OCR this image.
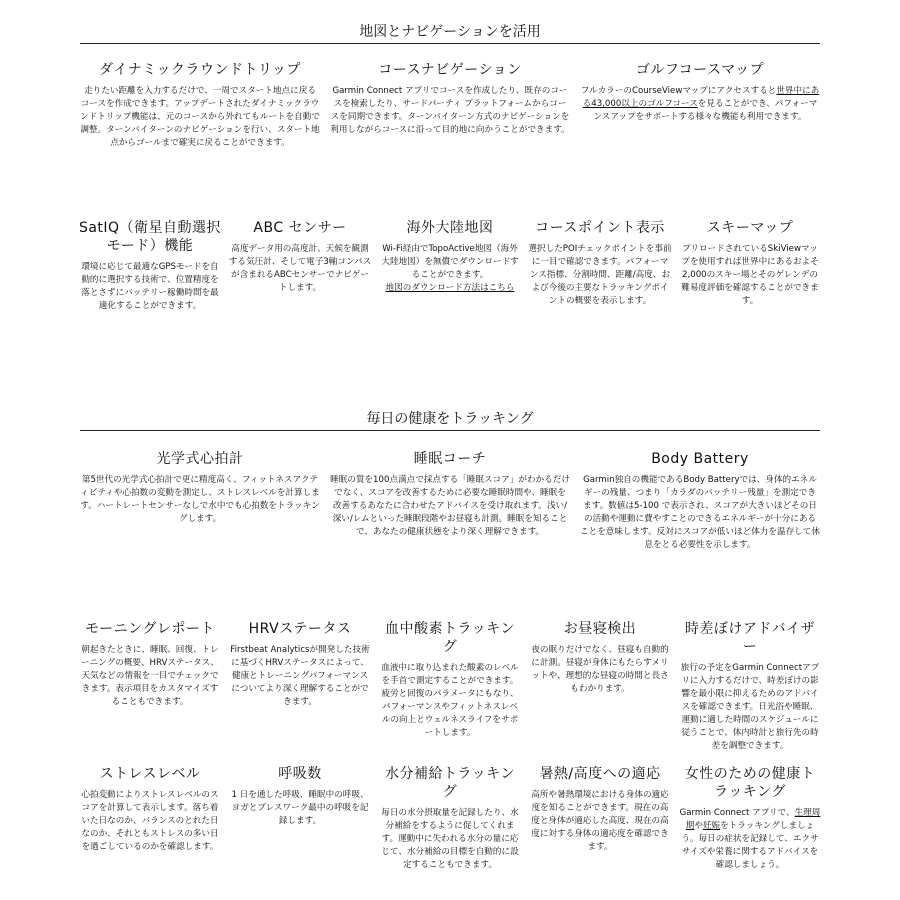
地図とナビゲーションを活用
ダイナミックラウンドトリップ

走りたい距離を入力するだけで、一周でスタート地点に戻るコースを作成できます。アップデートされたダイナミックラウンドトリップ機能は、元のコースから外れてもルートを自動で調整。ターンバイターンのナビゲーションを行い、スタート地点からゴールまで確実に戻ることができます。

コースナビゲーション

Garmin Connect アプリでコースを作成したり、既存のコースを検索したり、サードパーティ プラットフォームからコースを同期できます。ターンバイターン方式のナビゲーションを利用しながらコースに沿って目的地に向かうことができます。

ゴルフコースマップ

フルカラーのCourseViewマップにアクセスすると世界中にある43,000以上のゴルフコースを見ることができ、パフォーマンスアップをサポートする様々な機能も利用できます。

SatIQ（衛星自動選択モード）機能

環境に応じて最適なGPSモードを自動的に選択する技術で、位置精度を落とさずにバッテリー稼働時間を最適化することができます。

ABC センサー

高度データ用の高度計、天候を観測する気圧計、そして電子3軸コンパスが含まれるABCセンサーでナビゲートします。

海外大陸地図

Wi-Fi経由でTopoActive地図（海外大陸地図）を無償でダウンロードすることができます。
地図のダウンロード方法はこちら

コースポイント表示

選択したPOIチェックポイントを事前に一目で確認できます。パフォーマンス指標、分割時間、距離/高度、および今後の主要なトラッキングポイントの概要を表示します。

スキーマップ

プリロードされているSkiViewマップを使用すれば世界中にあるおよそ2,000のスキー場とそのゲレンデの難易度評価を確認することができます。

毎日の健康をトラッキング
光学式心拍計

第5世代の光学式心拍計で更に精度高く、フィットネスアクティビティや心拍数の変動を測定し、ストレスレベルを計算します。ハートレートセンサーなしで水中でも心拍数をトラッキングします。

睡眠コーチ

睡眠の質を100点満点で採点する「睡眠スコア」がわかるだけでなく、スコアを改善するために必要な睡眠時間や、睡眠を改善するあなたに合わせたアドバイスを受け取れます。浅い/深い/レムといった睡眠段階やお昼寝も計測。睡眠を知ることで、あなたの健康状態をより深く理解できます。

Body Battery

Garmin独自の機能であるBody Batteryでは、身体的エネルギーの残量、つまり「カラダのバッテリー残量」を測定できます。数値は5-100 で表示され、スコアが大きいほどその日の活動や運動に費やすことのできるエネルギーが十分にあることを意味します。反対にスコアが低いほど体力を温存して休息をとる必要性を示します。

モーニングレポート

朝起きたときに、睡眠、回復、トレーニングの概要、HRVステータス、天気などの情報を一目でチェックできます。表示項目をカスタマイズすることもできます。

HRVステータス

Firstbeat Analyticsが開発した技術に基づくHRVステータスによって、健康とトレーニングパフォーマンスについてより深く理解することができます。

血中酸素トラッキング

血液中に取り込まれた酸素のレベルを手首で測定することができます。疲労と回復のパラメータにもなり、パフォーマンスやフィットネスレベルの向上とウェルネスライフをサポートします。

お昼寝検出

夜の眠りだけでなく、昼寝も自動的に計測。昼寝が身体にもたらすメリットや、理想的な昼寝の時間と長さもわかります。

時差ぼけアドバイザー

旅行の予定をGarmin Connectアプリに入力するだけで、時差ぼけの影響を最小限に抑えるためのアドバイスを確認できます。日光浴や睡眠、運動に適した時間のスケジュールに従うことで、体内時計と旅行先の時差を調整できます。

ストレスレベル

心拍変動によりストレスレベルのスコアを計算して表示します。落ち着いた日なのか、バランスのとれた日なのか、それともストレスの多い日を過ごしているのかを確認します。

呼吸数

1 日を通した呼吸、睡眠中の呼吸、ヨガとブレスワーク最中の呼吸を記録します。

水分補給トラッキング

毎日の水分摂取量を記録したり、水分補給をするように促してくれます。運動中に失われる水分の量に応じて、水分補給の目標を自動的に設定することもできます。

暑熱/高度への適応

高所や暑熱環境における身体の適応度を知ることができます。現在の高度と身体が適応した高度、現在の高度に対する身体の適応度を確認できます。

女性のための健康トラッキング

Garmin Connect アプリで、生理周期や妊娠をトラッキングしましょう。毎日の症状を記録して、エクササイズや栄養に関するアドバイスを確認しましょう。
